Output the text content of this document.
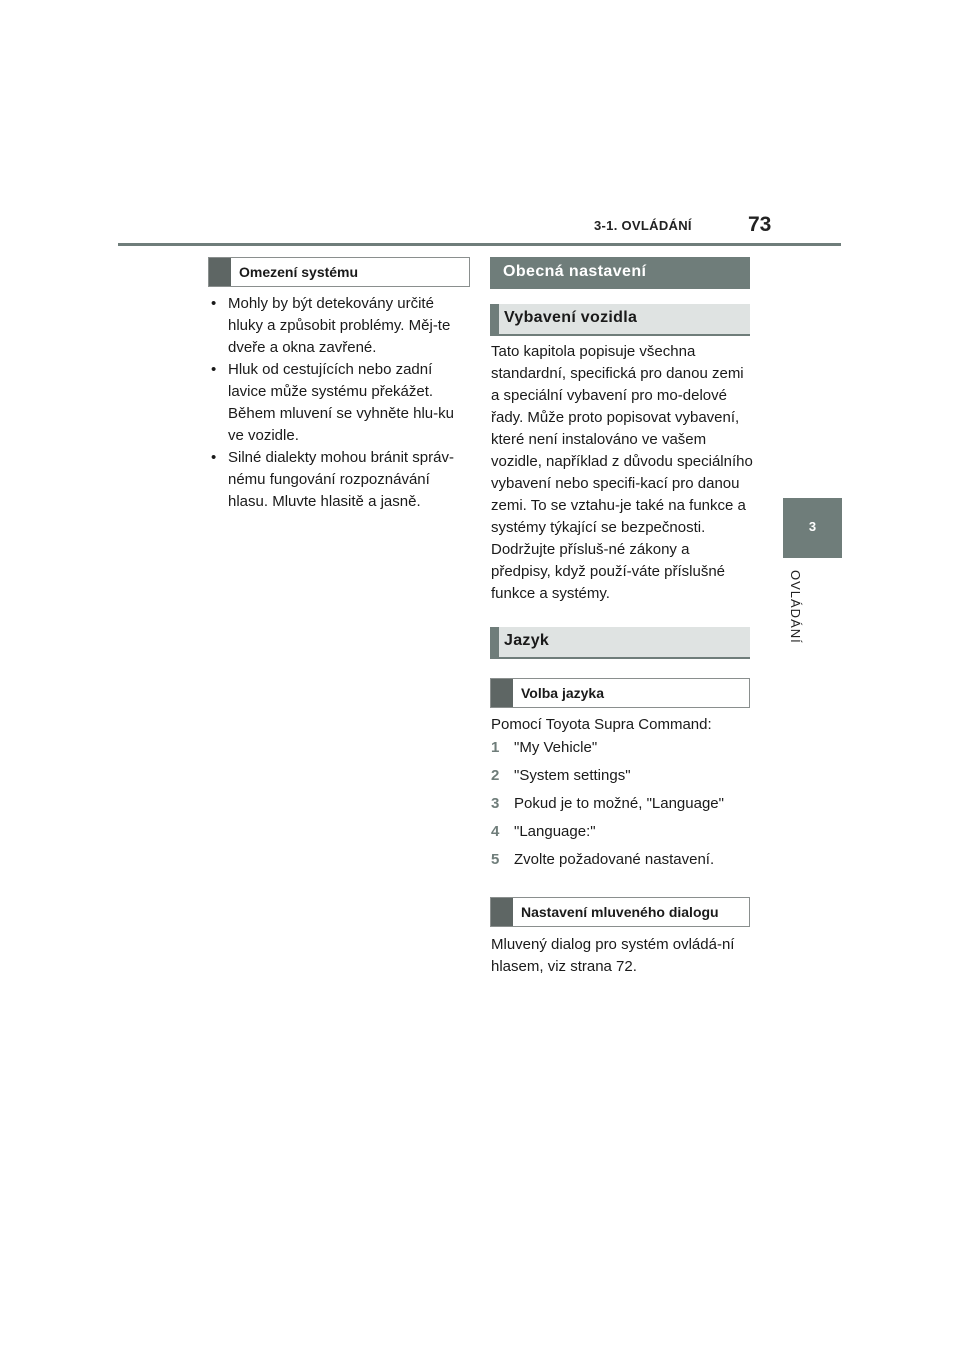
3-1. OVLÁDÁNÍ	73
3
OVLÁDÁNÍ
Omezení systému
• Mohly by být detekovány určité hluky a způsobit problémy. Měj-te dveře a okna zavřené.
• Hluk od cestujících nebo zadní lavice může systému překážet. Během mluvení se vyhněte hlu-ku ve vozidle.
• Silné dialekty mohou bránit správ-nému fungování rozpoznávání hlasu. Mluvte hlasitě a jasně.
Obecná nastavení
Vybavení vozidla

Tato kapitola popisuje všechna standardní, specifická pro danou zemi a speciální vybavení pro mo-delové řady. Může proto popisovat vybavení, které není instalováno ve vašem vozidle, například z důvodu speciálního vybavení nebo specifi-kací pro danou zemi. To se vztahu-je také na funkce a systémy týkající se bezpečnosti. Dodržujte přísluš-né zákony a předpisy, když použí-váte příslušné funkce a systémy.

Jazyk
Volba jazyka

Pomocí Toyota Supra Command:

1 "My Vehicle"
2 "System settings"
3 Pokud je to možné, "Language"
4 "Language:"
5 Zvolte požadované nastavení.
Nastavení mluveného dialogu

Mluvený dialog pro systém ovládá-ní hlasem, viz strana 72.
